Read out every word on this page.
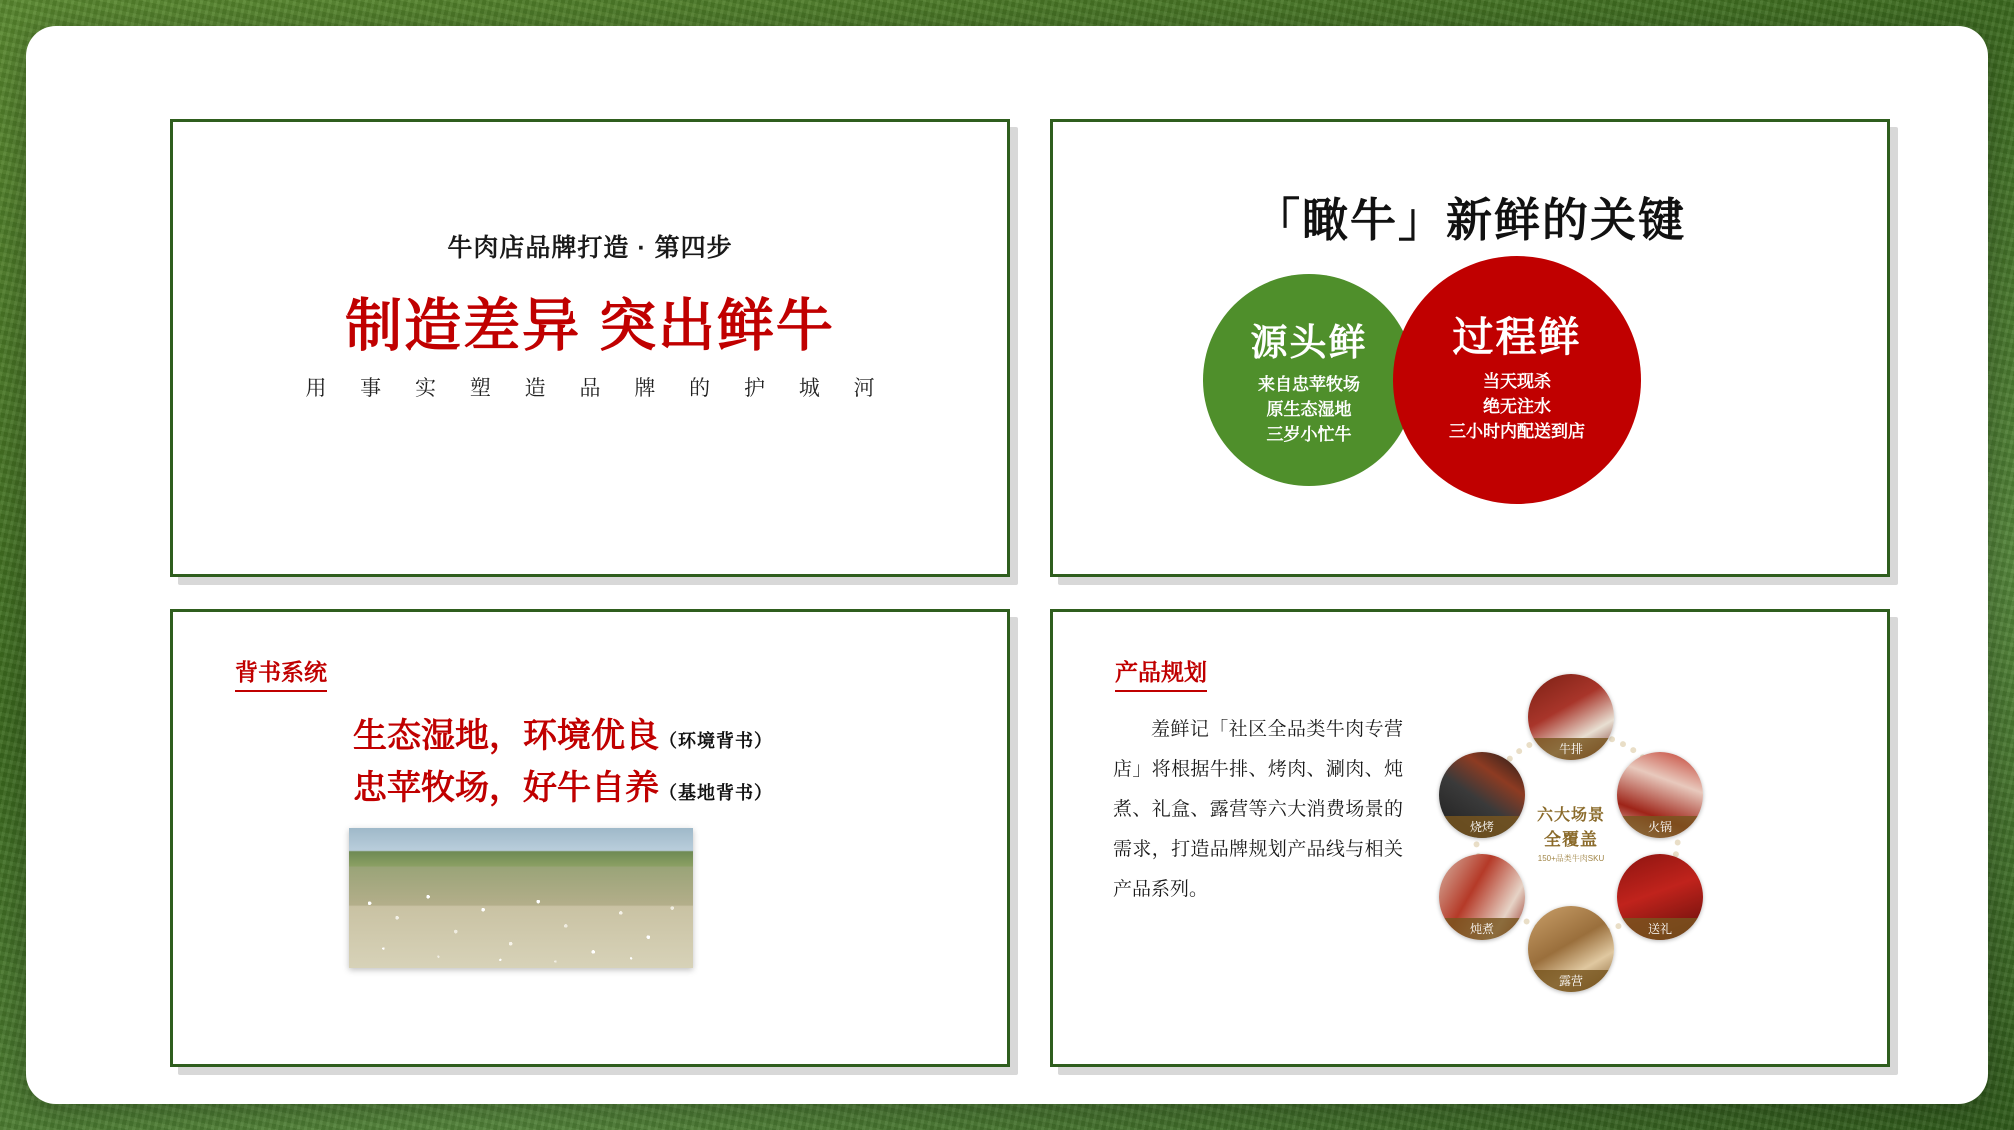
牛肉店品牌打造 · 第四步
制造差异 突出鲜牛
用 事 实 塑 造 品 牌 的 护 城 河
「瞰牛」新鲜的关键
源头鲜
来自忠苹牧场
原生态湿地
三岁小忙牛
过程鲜
当天现杀
绝无注水
三小时内配送到店
背书系统
生态湿地，环境优良（环境背书）
忠苹牧场，好牛自养（基地背书）
产品规划
羞鲜记「社区全品类牛肉专营店」将根据牛排、烤肉、涮肉、炖煮、礼盒、露营等六大消费场景的需求，打造品牌规划产品线与相关产品系列。
六大场景
全覆盖
150+品类牛肉SKU
牛排
烧烤	火锅
炖煮	送礼
露营
